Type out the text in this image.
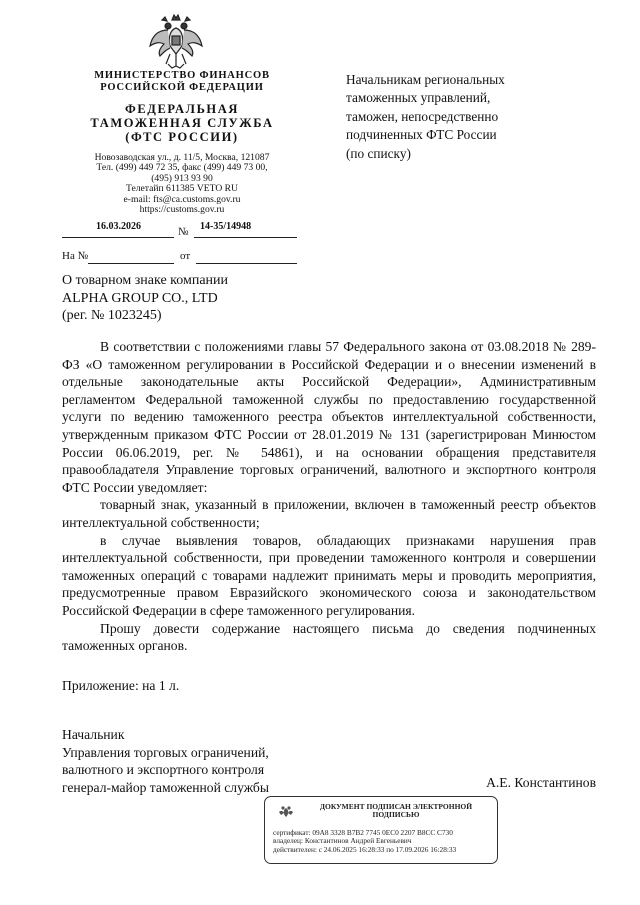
МИНИСТЕРСТВО ФИНАНСОВ
РОССИЙСКОЙ ФЕДЕРАЦИИ
ФЕДЕРАЛЬНАЯ
ТАМОЖЕННАЯ СЛУЖБА
(ФТС РОССИИ)
Новозаводская ул., д. 11/5, Москва, 121087
Тел. (499) 449 72 35, факс (499) 449 73 00,
(495) 913 93 90
Телетайп 611385 VETO RU
e-mail: fts@ca.customs.gov.ru
https://customs.gov.ru
16.03.2026	№ 14-35/14948
На №	от
Начальникам региональных
таможенных управлений,
таможен, непосредственно
подчиненных ФТС России
(по списку)
О товарном знаке компании
ALPHA GROUP CO., LTD
(рег. № 1023245)

В соответствии с положениями главы 57 Федерального закона от 03.08.2018 № 289-ФЗ «О таможенном регулировании в Российской Федерации и о внесении изменений в отдельные законодательные акты Российской Федерации», Административным регламентом Федеральной таможенной службы по предоставлению государственной услуги по ведению таможенного реестра объектов интеллектуальной собственности, утвержденным приказом ФТС России от 28.01.2019 № 131 (зарегистрирован Минюстом России 06.06.2019, рег. № 54861), и на основании обращения представителя правообладателя Управление торговых ограничений, валютного и экспортного контроля ФТС России уведомляет:

товарный знак, указанный в приложении, включен в таможенный реестр объектов интеллектуальной собственности;

в случае выявления товаров, обладающих признаками нарушения прав интеллектуальной собственности, при проведении таможенного контроля и совершении таможенных операций с товарами надлежит принимать меры и проводить мероприятия, предусмотренные правом Евразийского экономического союза и законодательством Российской Федерации в сфере таможенного регулирования.

Прошу довести содержание настоящего письма до сведения подчиненных таможенных органов.

Приложение: на 1 л.
Начальник
Управления торговых ограничений,
валютного и экспортного контроля
генерал-майор таможенной службы	А.Е. Константинов
ДОКУМЕНТ ПОДПИСАН ЭЛЕКТРОННОЙ ПОДПИСЬЮ
сертификат: 09A8 3328 B7B2 7745 0EC0 2207 B8CC C730
владелец: Константинов Андрей Евгеньевич
действителен: с 24.06.2025 16:28:33 по 17.09.2026 16:28:33
